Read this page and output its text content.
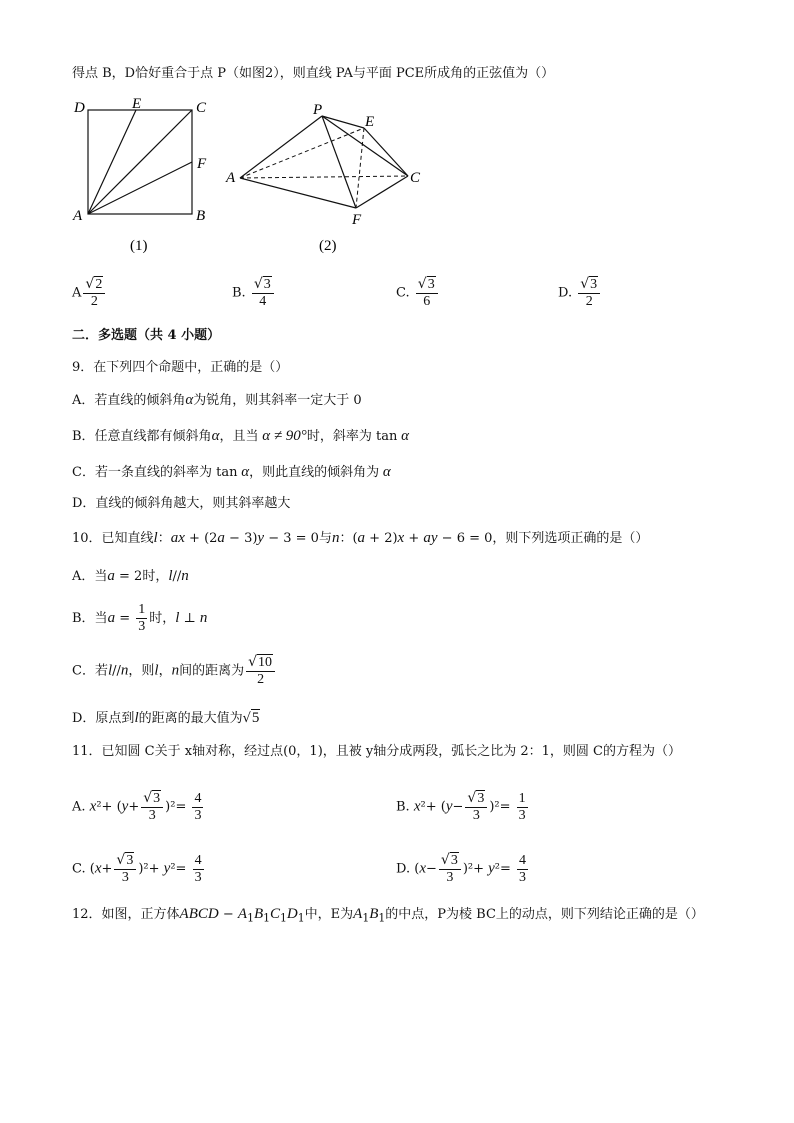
得点 B，D恰好重合于点 P（如图2），则直线 PA与平面 PCE所成角的正弦值为（）
D	E	C
F
A	B
(1)
P
E
A	C
F
(2)
A $\frac{√2}{2}$	B. $\frac{√3}{4}$	C. $\frac{√3}{6}$	D. $\frac{√3}{2}$
二．多选题（共 4 小题）
9．在下列四个命题中，正确的是（）
A．若直线的倾斜角α为锐角，则其斜率一定大于 0
B．任意直线都有倾斜角α，且当 α ≠ 90°时，斜率为 tan α
C．若一条直线的斜率为 tan α，则此直线的倾斜角为 α
D．直线的倾斜角越大，则其斜率越大
10．已知直线l：ax + (2a − 3)y − 3 = 0与n：(a + 2)x + ay − 6 = 0，则下列选项正确的是（）
A．当a = 2时，l//n
B．当$a = \frac{1}{3}$ 时，l ⊥ n
C．若l//n，则l，n间的距离为 $\frac{√10}{2}$
D．原点到l的距离的最大值为√5
11．已知圆 C关于 x轴对称，经过点(0，1)，且被 y轴分成两段，弧长之比为 2：1，则圆 C的方程为（）
A. $x^2+ (y+ \frac{√3}{3} )^2= \frac{4}{3}$	B. $x^2+ (y- \frac{√3}{3} )^2= \frac{1}{3}$
C. $(x+ \frac{√3}{3} )^2+ y^2= \frac{4}{3}$	D. $(x- \frac{√3}{3} )^2+ y^2= \frac{4}{3}$
12．如图，正方体ABCD − $A_1B_1C_1D_1$中，E为$A_1B_1$的中点，P为棱 BC上的动点，则下列结论正确的是（）
